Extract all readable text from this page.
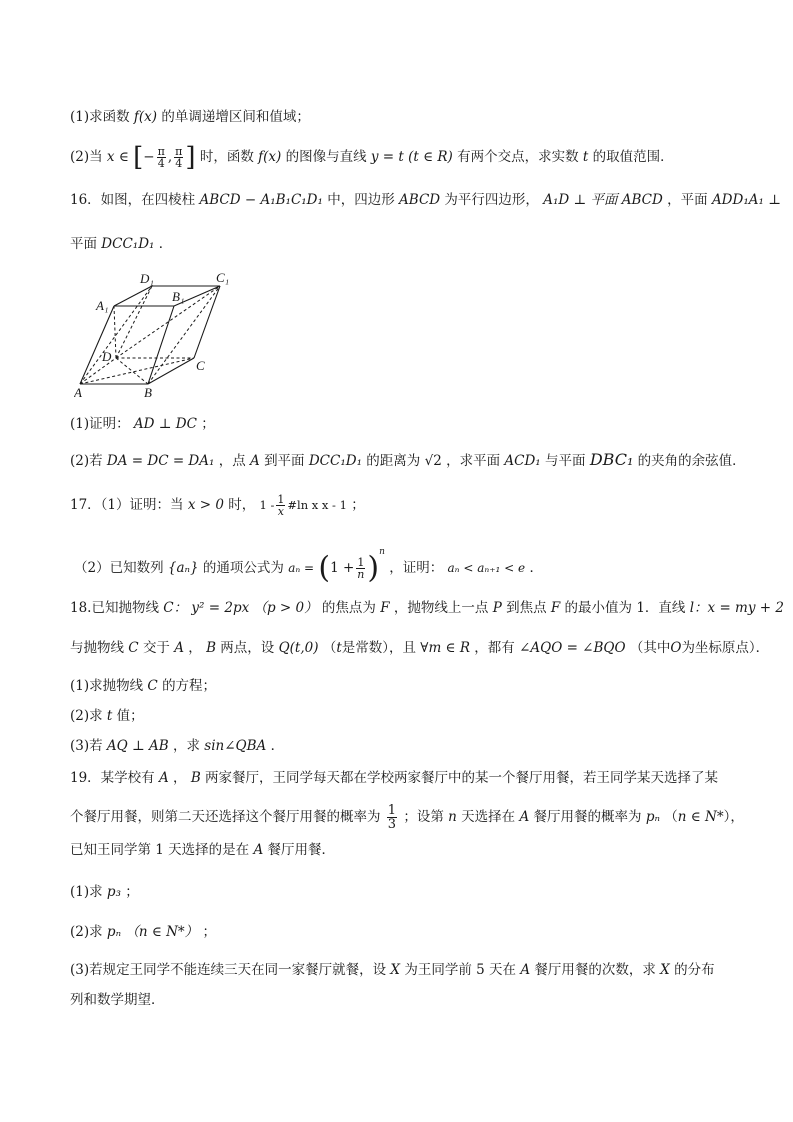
(1)求函数 f(x) 的单调递增区间和值域；
(2)当 x ∈ [− $\frac{\pi}{4}$ , $\frac{\pi}{4}$ ] 时，函数 f(x) 的图像与直线 y = t (t ∈ R) 有两个交点，求实数 t 的取值范围．
16．如图，在四棱柱 ABCD − A₁B₁C₁D₁ 中，四边形 ABCD 为平行四边形， A₁D ⊥ 平面 ABCD ，平面 ADD₁A₁ ⊥
平面 DCC₁D₁ ．
A₁
D₁
B₁
C₁
D
C
A	B
(1)证明： AD ⊥ DC ；
(2)若 DA = DC = DA₁ ，点 A 到平面 DCC₁D₁ 的距离为 √2 ，求平面 ACD₁ 与平面 DBC₁ 的夹角的余弦值．
17．（1）证明：当 x > 0 时， $1 - \frac{1}{x}$ #ln x x - 1 ；
（2）已知数列 {aₙ} 的通项公式为 $a_n = (1 + \frac{1}{n} )^n$ ，证明： aₙ < aₙ₊₁ < e ．
18.已知抛物线 C： y² = 2px （p > 0） 的焦点为 F ，抛物线上一点 P 到焦点 F 的最小值为 1．直线 l：x = my + 2
与抛物线 C 交于 A ， B 两点，设 Q(t,0) （t是常数），且 ∀m ∈ R ，都有 ∠AQO = ∠BQO （其中O为坐标原点）．
(1)求抛物线 C 的方程；
(2)求 t 值；
(3)若 AQ ⊥ AB ，求 sin∠QBA ．
19．某学校有 A ， B 两家餐厅，王同学每天都在学校两家餐厅中的某一个餐厅用餐，若王同学某天选择了某
个餐厅用餐，则第二天还选择这个餐厅用餐的概率为 $\frac{1}{3}$ ；设第 n 天选择在 A 餐厅用餐的概率为 pₙ （n ∈ N*），
已知王同学第 1 天选择的是在 A 餐厅用餐．
(1)求 p₃ ；
(2)求 pₙ （n ∈ N*） ；
(3)若规定王同学不能连续三天在同一家餐厅就餐，设 X 为王同学前 5 天在 A 餐厅用餐的次数，求 X 的分布
列和数学期望．
